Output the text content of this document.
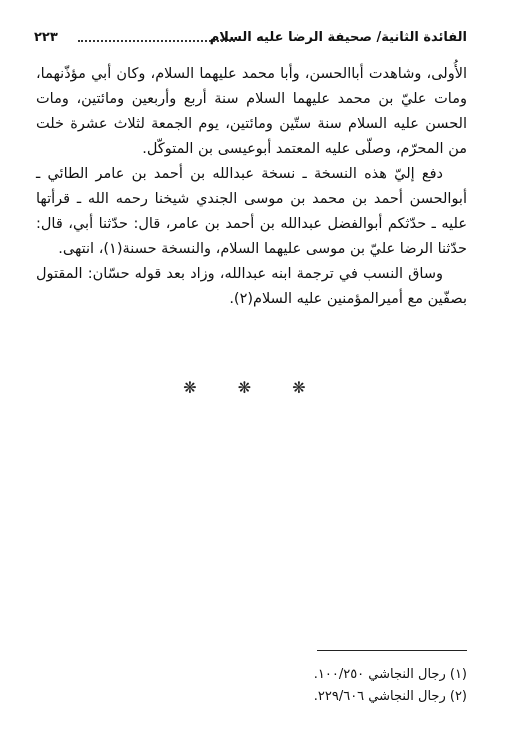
الفائدة الثانية/ صحيفة الرضا عليه السلام
٢٢٣

الأُولى، وشاهدت أباالحسن، وأبا محمد عليهما السلام، وكان أبي مؤذّنهما، ومات عليّ بن محمد عليهما السلام سنة أربع وأربعين ومائتين، ومات الحسن عليه السلام سنة ستّين ومائتين، يوم الجمعة لثلاث عشرة خلت من المحرّم، وصلّى عليه المعتمد أبوعيسى بن المتوكّل.

دفع إليّ هذه النسخة ـ نسخة عبدالله بن أحمد بن عامر الطائي ـ أبوالحسن أحمد بن محمد بن موسى الجندي شيخنا رحمه الله ـ قرأتها عليه ـ حدّثكم أبوالفضل عبدالله بن أحمد بن عامر، قال: حدّثنا أبي، قال: حدّثنا الرضا عليّ بن موسى عليهما السلام، والنسخة حسنة(١)، انتهى.

وساق النسب في ترجمة ابنه عبدالله، وزاد بعد قوله حسّان: المقتول بصفّين مع أميرالمؤمنين عليه السلام(٢).

❋ ❋ ❋
(١) رجال النجاشي ١٠٠/٢٥٠.
(٢) رجال النجاشي ٢٢٩/٦٠٦.
